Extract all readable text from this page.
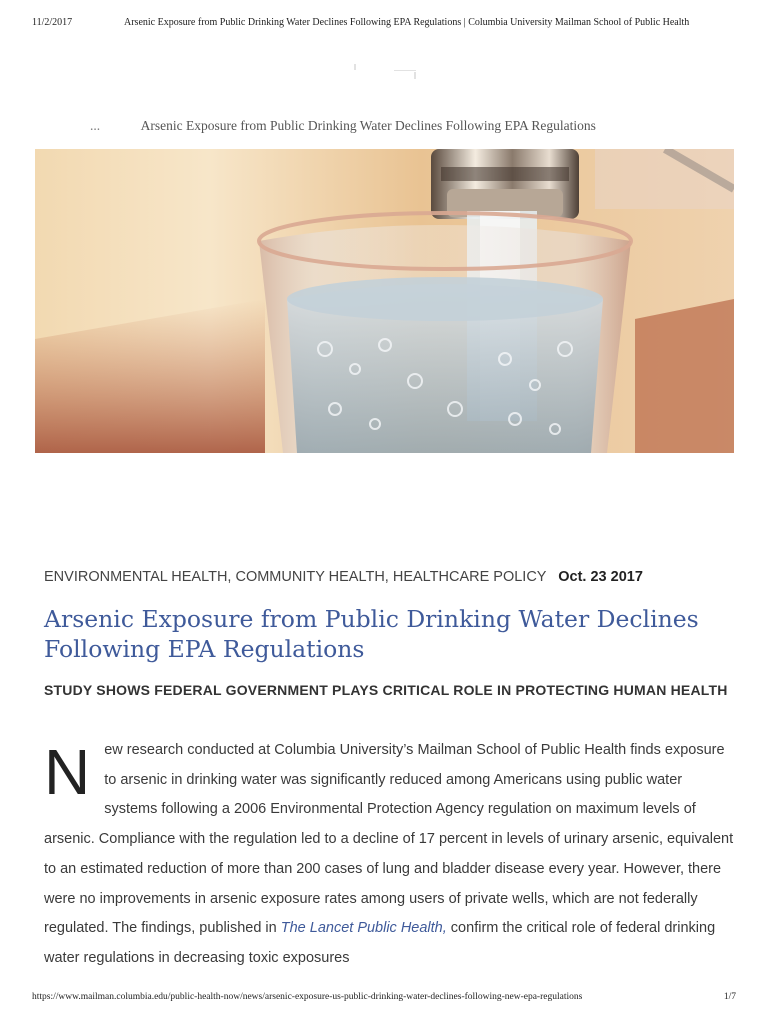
11/2/2017	Arsenic Exposure from Public Drinking Water Declines Following EPA Regulations | Columbia University Mailman School of Public Health
...	Arsenic Exposure from Public Drinking Water Declines Following EPA Regulations
ENVIRONMENTAL HEALTH, COMMUNITY HEALTH, HEALTHCARE POLICY Oct. 23 2017
Arsenic Exposure from Public Drinking Water Declines Following EPA Regulations
STUDY SHOWS FEDERAL GOVERNMENT PLAYS CRITICAL ROLE IN PROTECTING HUMAN HEALTH

New research conducted at Columbia University’s Mailman School of Public Health finds exposure to arsenic in drinking water was significantly reduced among Americans using public water systems following a 2006 Environmental Protection Agency regulation on maximum levels of arsenic. Compliance with the regulation led to a decline of 17 percent in levels of urinary arsenic, equivalent to an estimated reduction of more than 200 cases of lung and bladder disease every year. However, there were no improvements in arsenic exposure rates among users of private wells, which are not federally regulated. The findings, published in The Lancet Public Health, confirm the critical role of federal drinking water regulations in decreasing toxic exposures

https://www.mailman.columbia.edu/public-health-now/news/arsenic-exposure-us-public-drinking-water-declines-following-new-epa-regulations	1/7
